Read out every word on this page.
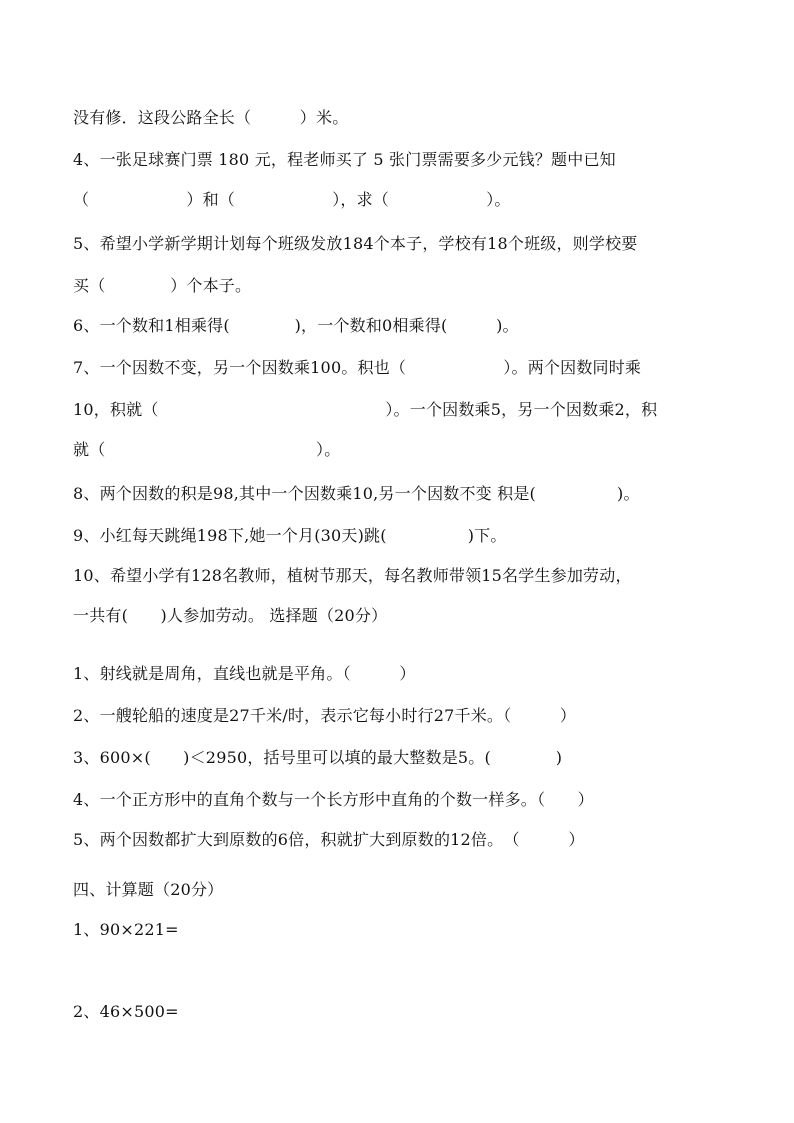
没有修．这段公路全长（　　　）米。
4、一张足球赛门票 180 元，程老师买了 5 张门票需要多少元钱？题中已知
（　　　　　　）和（　　　　　　），求（　　　　　　）。
5、希望小学新学期计划每个班级发放184个本子，学校有18个班级，则学校要
买（　　　　）个本子。
6、一个数和1相乘得(　　　　)，一个数和0相乘得(　　　)。
7、一个因数不变，另一个因数乘100。积也（　　　　　　）。两个因数同时乘
10，积就（　　　　　　　　　　　　　　）。一个因数乘5，另一个因数乘2，积
就（　　　　　　　　　　　　　）。
8、两个因数的积是98,其中一个因数乘10,另一个因数不变 积是(　　　　　)。
9、小红每天跳绳198下,她一个月(30天)跳(　　　　　)下。
10、希望小学有128名教师，植树节那天，每名教师带领15名学生参加劳动，
一共有(　　)人参加劳动。 选择题（20分）
1、射线就是周角，直线也就是平角。（　　　）
2、一艘轮船的速度是27千米/时，表示它每小时行27千米。（　　　）
3、600×(　　)＜2950，括号里可以填的最大整数是5。(　　　　)
4、一个正方形中的直角个数与一个长方形中直角的个数一样多。（　　）
5、两个因数都扩大到原数的6倍，积就扩大到原数的12倍。　（　　　）
四、计算题（20分）
1、90×221=
2、46×500=
